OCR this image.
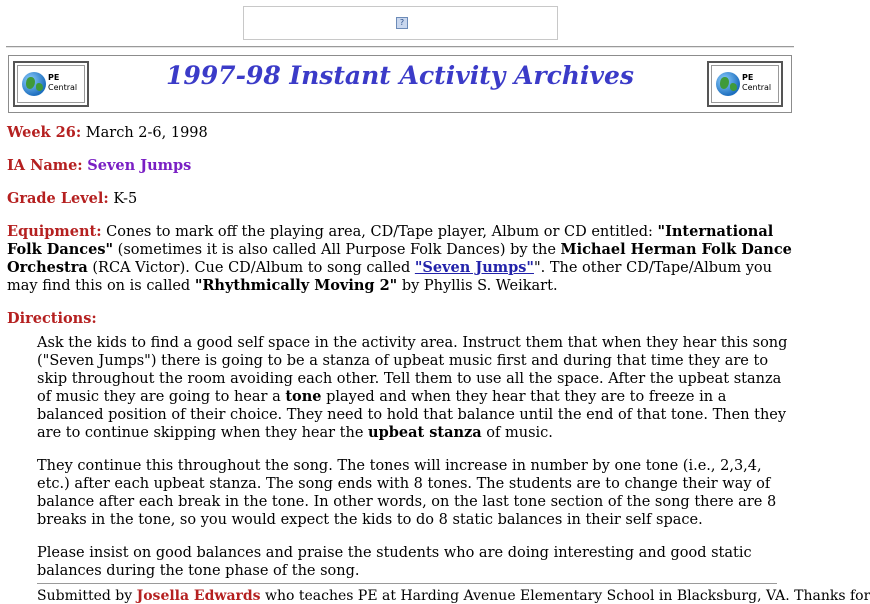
?
PE
Central	1997-98 Instant Activity Archives	PE
Central

Week 26: March 2-6, 1998

IA Name: Seven Jumps

Grade Level: K-5

Equipment: Cones to mark off the playing area, CD/Tape player, Album or CD entitled: "International Folk Dances" (sometimes it is also called All Purpose Folk Dances) by the Michael Herman Folk Dance Orchestra (RCA Victor). Cue CD/Album to song called "Seven Jumps"". The other CD/Tape/Album you may find this on is called "Rhythmically Moving 2" by Phyllis S. Weikart.

Directions:

Ask the kids to find a good self space in the activity area. Instruct them that when they hear this song ("Seven Jumps") there is going to be a stanza of upbeat music first and during that time they are to skip throughout the room avoiding each other. Tell them to use all the space. After the upbeat stanza of music they are going to hear a tone played and when they hear that they are to freeze in a balanced position of their choice. They need to hold that balance until the end of that tone. Then they are to continue skipping when they hear the upbeat stanza of music.
They continue this throughout the song. The tones will increase in number by one tone (i.e., 2,3,4, etc.) after each upbeat stanza. The song ends with 8 tones. The students are to change their way of balance after each break in the tone. In other words, on the last tone section of the song there are 8 breaks in the tone, so you would expect the kids to do 8 static balances in their self space.
Please insist on good balances and praise the students who are doing interesting and good static balances during the tone phase of the song.
Submitted by Josella Edwards who teaches PE at Harding Avenue Elementary School in Blacksburg, VA. Thanks for
